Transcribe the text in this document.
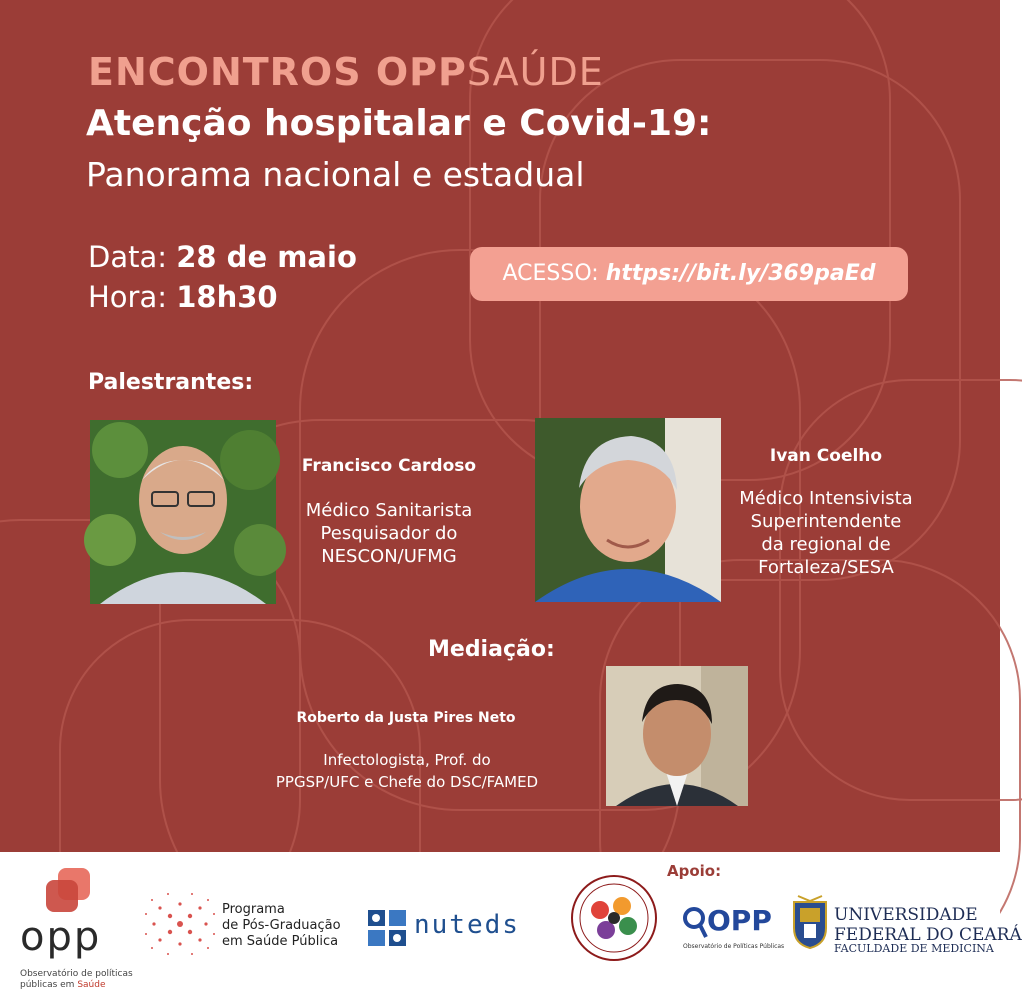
ENCONTROS OPPSAÚDE
Atenção hospitalar e Covid-19:
Panorama nacional e estadual
Data: 28 de maio
Hora: 18h30
ACESSO: https://bit.ly/369paEd
Palestrantes:
Francisco Cardoso
Médico Sanitarista
Pesquisador do
NESCON/UFMG
Ivan Coelho
Médico Intensivista
Superintendente
da regional de
Fortaleza/SESA
Mediação:
Roberto da Justa Pires Neto
Infectologista, Prof. do
PPGSP/UFC e Chefe do DSC/FAMED
Apoio:
opp
Observatório de políticas
públicas em Saúde
Programa
de Pós-Graduação
em Saúde Pública
nuteds	OPP
Observatório de Políticas Públicas
UNIVERSIDADE
FEDERAL DO CEARÁ
FACULDADE DE MEDICINA
